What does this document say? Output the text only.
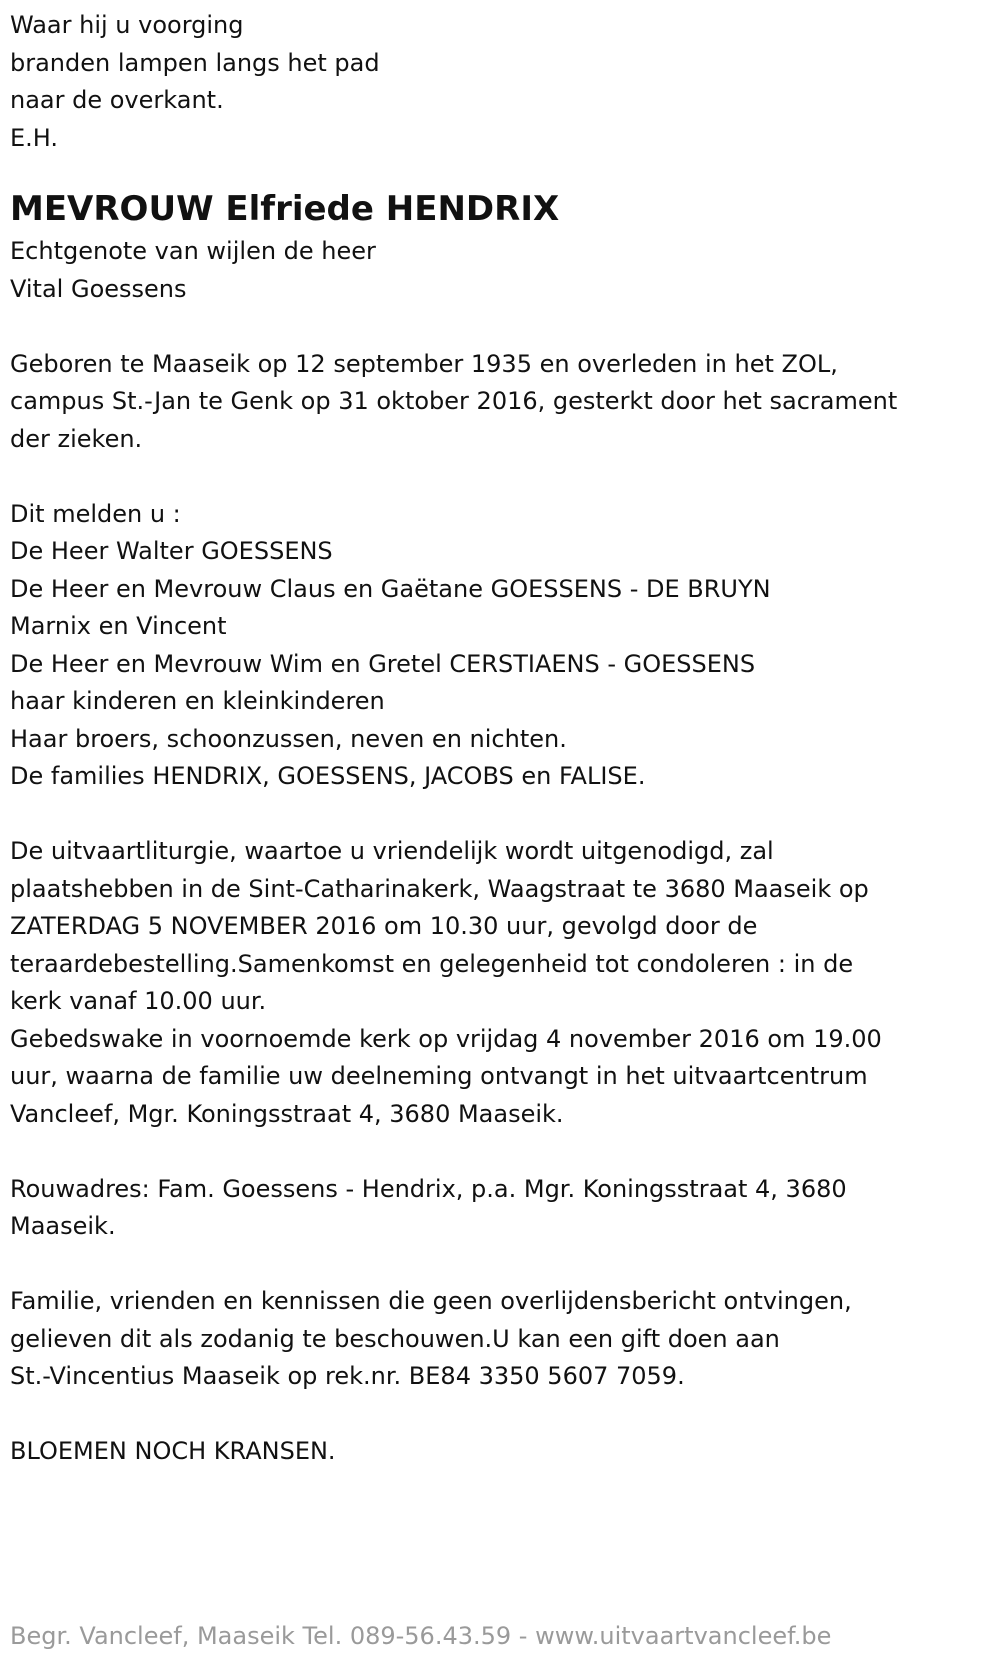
Waar hij u voorging

branden lampen langs het pad

naar de overkant.

E.H.

MEVROUW Elfriede HENDRIX

Echtgenote van wijlen de heer

Vital Goessens

Geboren te Maaseik op 12 september 1935 en overleden in het ZOL,

campus St.-Jan te Genk op 31 oktober 2016, gesterkt door het sacrament

der zieken.

Dit melden u :

De Heer Walter GOESSENS

De Heer en Mevrouw Claus en Gaëtane GOESSENS - DE BRUYN

Marnix en Vincent

De Heer en Mevrouw Wim en Gretel CERSTIAENS - GOESSENS

haar kinderen en kleinkinderen

Haar broers, schoonzussen, neven en nichten.

De families HENDRIX, GOESSENS, JACOBS en FALISE.

De uitvaartliturgie, waartoe u vriendelijk wordt uitgenodigd, zal

plaatshebben in de Sint-Catharinakerk, Waagstraat te 3680 Maaseik op

ZATERDAG 5 NOVEMBER 2016 om 10.30 uur, gevolgd door de

teraardebestelling.Samenkomst en gelegenheid tot condoleren : in de

kerk vanaf 10.00 uur.

Gebedswake in voornoemde kerk op vrijdag 4 november 2016 om 19.00

uur, waarna de familie uw deelneming ontvangt in het uitvaartcentrum

Vancleef, Mgr. Koningsstraat 4, 3680 Maaseik.

Rouwadres: Fam. Goessens - Hendrix, p.a. Mgr. Koningsstraat 4, 3680

Maaseik.

Familie, vrienden en kennissen die geen overlijdensbericht ontvingen,

gelieven dit als zodanig te beschouwen.U kan een gift doen aan

St.-Vincentius Maaseik op rek.nr. BE84 3350 5607 7059.

BLOEMEN NOCH KRANSEN.

Begr. Vancleef, Maaseik Tel. 089-56.43.59 - www.uitvaartvancleef.be
